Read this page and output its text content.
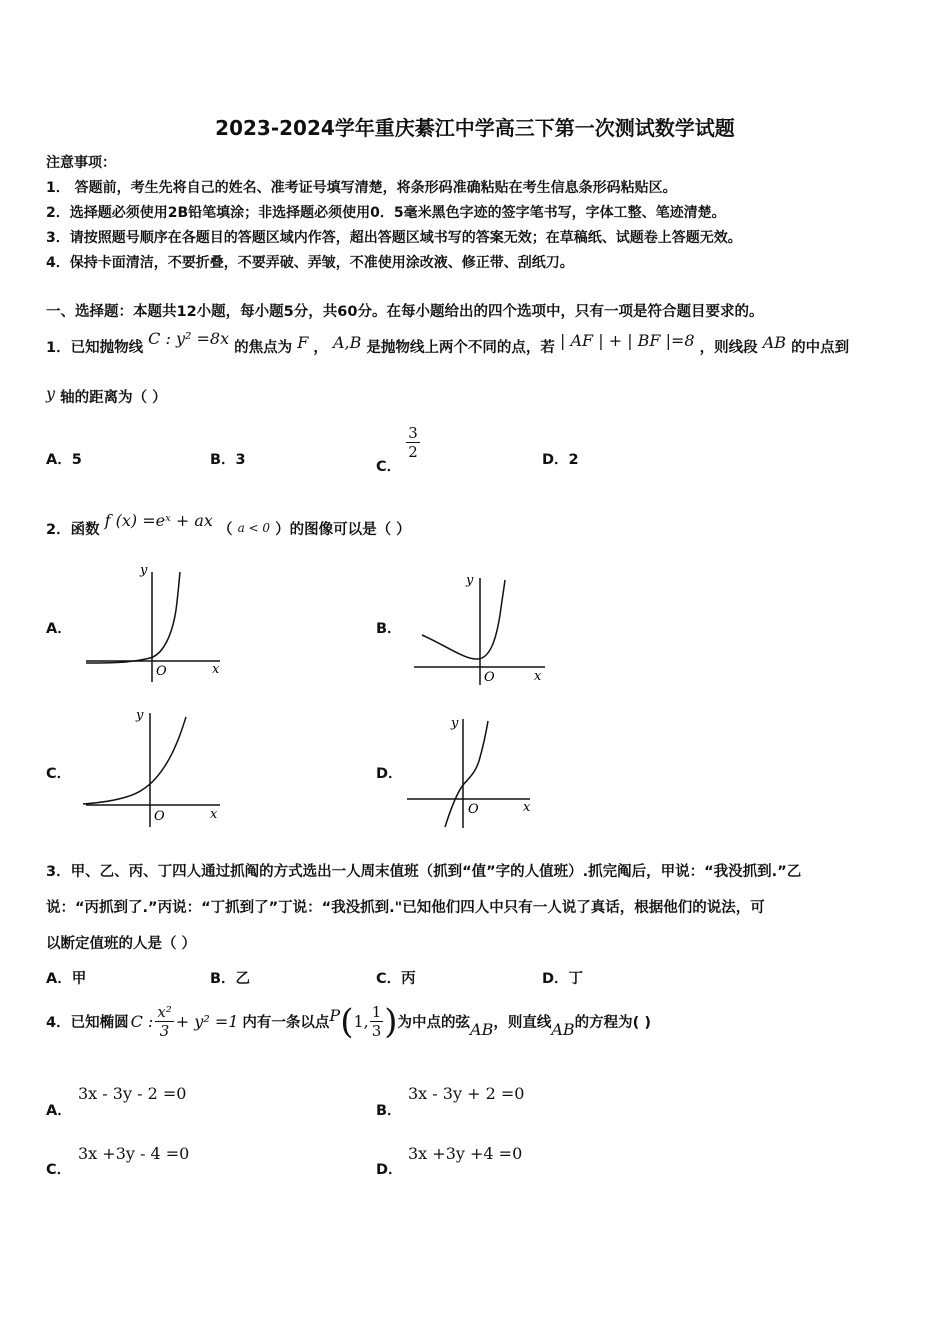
2023-2024学年重庆綦江中学高三下第一次测试数学试题
注意事项：
1． 答题前，考生先将自己的姓名、准考证号填写清楚，将条形码准确粘贴在考生信息条形码粘贴区。
2．选择题必须使用2B铅笔填涂；非选择题必须使用0．5毫米黑色字迹的签字笔书写，字体工整、笔迹清楚。
3．请按照题号顺序在各题目的答题区域内作答，超出答题区域书写的答案无效；在草稿纸、试题卷上答题无效。
4．保持卡面清洁，不要折叠，不要弄破、弄皱，不准使用涂改液、修正带、刮纸刀。
一、选择题：本题共12小题，每小题5分，共60分。在每小题给出的四个选项中，只有一项是符合题目要求的。
1．已知抛物线 C : y² =8x 的焦点为 F ， A,B 是抛物线上两个不同的点，若 | AF | + | BF |=8 ，则线段 AB 的中点到
y 轴的距离为（ ）
A．5	B．3	C．
$\frac{3}{2}$	D．2
2．函数 f (x) =eˣ + ax （ a < 0 ）的图像可以是（ ）
A．	B．
C．	D．
x
y
O	x
y
O
x
y
O
x
y
O
3．甲、乙、丙、丁四人通过抓阄的方式选出一人周末值班（抓到“值”字的人值班）.抓完阄后，甲说：“我没抓到.”乙
说：“丙抓到了.”丙说：“丁抓到了”丁说：“我没抓到."已知他们四人中只有一人说了真话，根据他们的说法，可
以断定值班的人是（ ）
A．甲	B．乙	C．丙	D．丁
4．已知椭圆 C : $\frac{\text{x²}}{3} + y^2 =1$ 内有一条以点 P ( 1, $\frac{1}{3}$ ) 为中点的弦 AB ，则直线 AB 的方程为( )
A．
3x - 3y - 2 =0
B．
3x - 3y + 2 =0
C．
3x +3y - 4 =0
D．
3x +3y +4 =0
